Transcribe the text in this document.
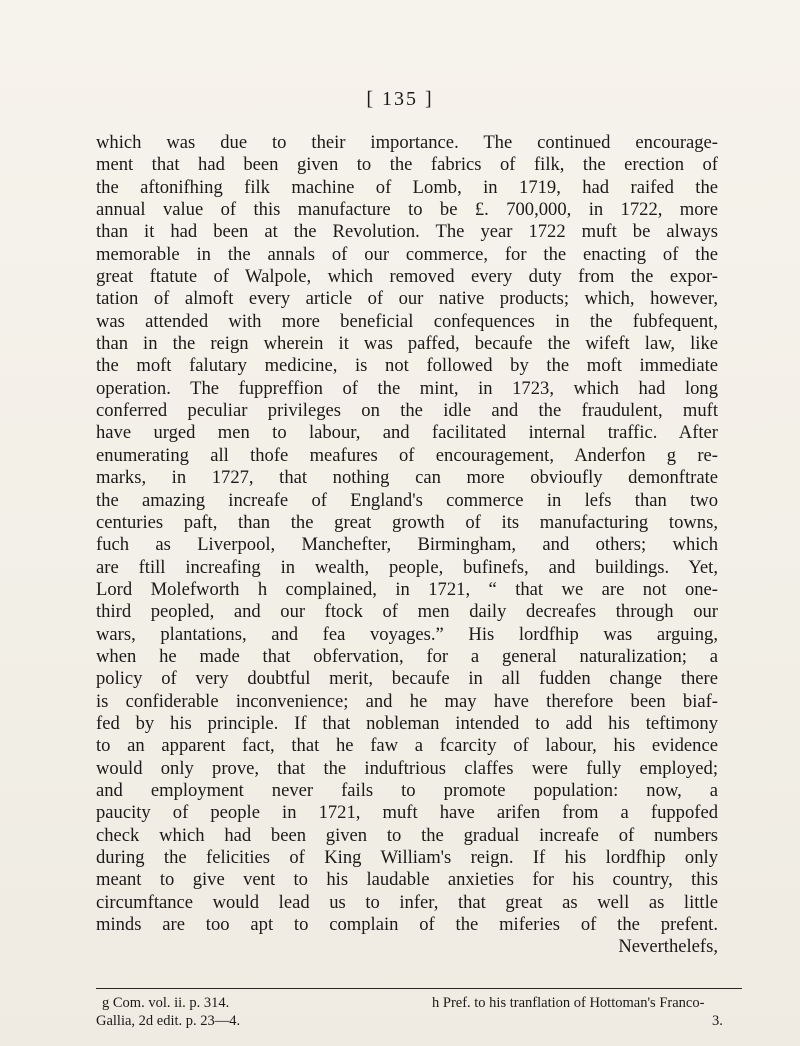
[ 135 ]
which was due to their importance. The continued encourage-
ment that had been given to the fabrics of filk, the erection of
the aftonifhing filk machine of Lomb, in 1719, had raifed the
annual value of this manufacture to be £. 700,000, in 1722, more
than it had been at the Revolution. The year 1722 muft be always
memorable in the annals of our commerce, for the enacting of the
great ftatute of Walpole, which removed every duty from the expor-
tation of almoft every article of our native products; which, however,
was attended with more beneficial confequences in the fubfequent,
than in the reign wherein it was paffed, becaufe the wifeft law, like
the moft falutary medicine, is not followed by the moft immediate
operation. The fuppreffion of the mint, in 1723, which had long
conferred peculiar privileges on the idle and the fraudulent, muft
have urged men to labour, and facilitated internal traffic. After
enumerating all thofe meafures of encouragement, Anderfon g re-
marks, in 1727, that nothing can more obvioufly demonftrate
the amazing increafe of England's commerce in lefs than two
centuries paft, than the great growth of its manufacturing towns,
fuch as Liverpool, Manchefter, Birmingham, and others; which
are ftill increafing in wealth, people, bufinefs, and buildings. Yet,
Lord Molefworth h complained, in 1721, “ that we are not one-
third peopled, and our ftock of men daily decreafes through our
wars, plantations, and fea voyages.” His lordfhip was arguing,
when he made that obfervation, for a general naturalization; a
policy of very doubtful merit, becaufe in all fudden change there
is confiderable inconvenience; and he may have therefore been biaf-
fed by his principle. If that nobleman intended to add his teftimony
to an apparent fact, that he faw a fcarcity of labour, his evidence
would only prove, that the induftrious claffes were fully employed;
and employment never fails to promote population: now, a
paucity of people in 1721, muft have arifen from a fuppofed
check which had been given to the gradual increafe of numbers
during the felicities of King William's reign. If his lordfhip only
meant to give vent to his laudable anxieties for his country, this
circumftance would lead us to infer, that great as well as little
minds are too apt to complain of the miferies of the prefent.
Neverthelefs,
g Com. vol. ii. p. 314.	h Pref. to his tranflation of Hottoman's Franco-
Gallia, 2d edit. p. 23—4.	3.
